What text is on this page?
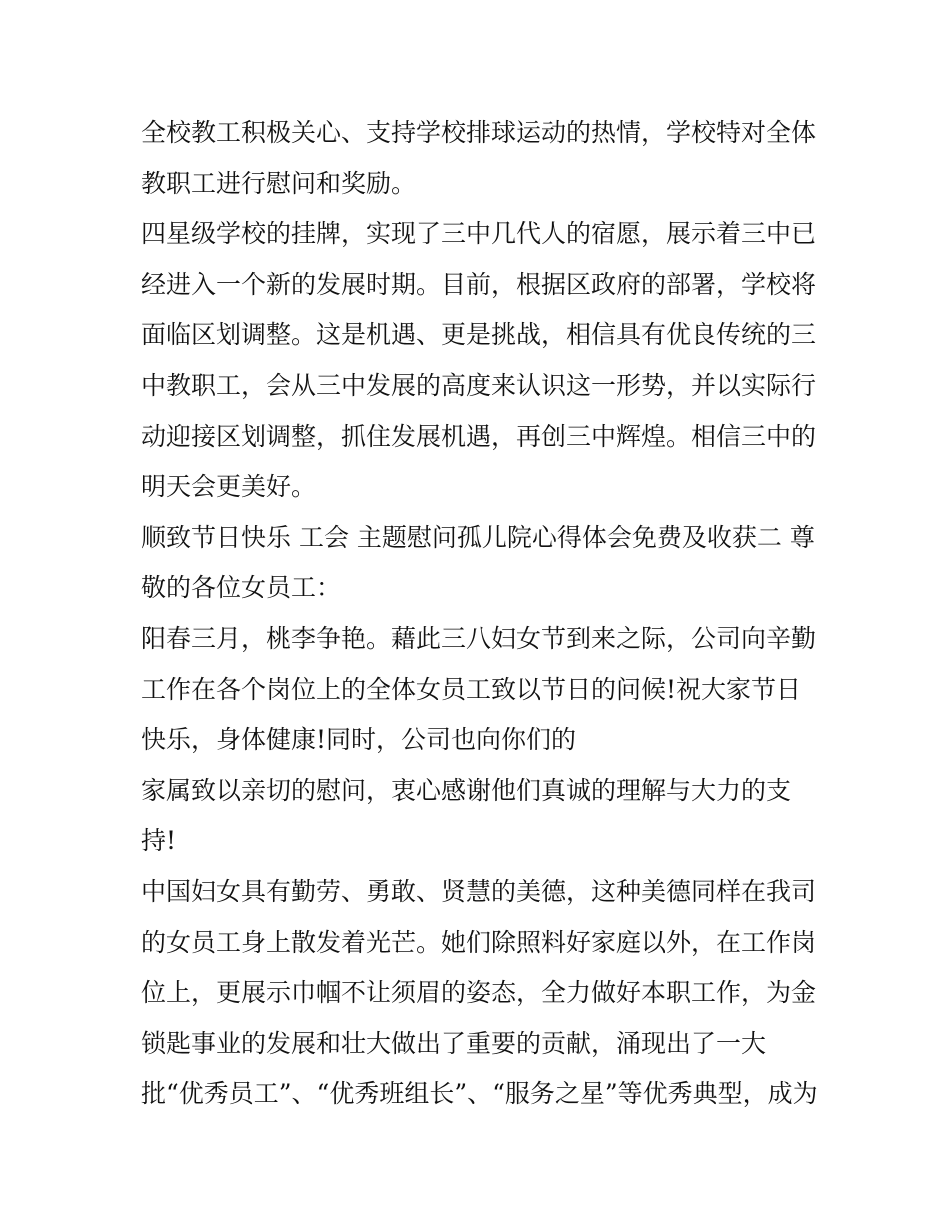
全校教工积极关心、支持学校排球运动的热情，学校特对全体
教职工进行慰问和奖励。
四星级学校的挂牌，实现了三中几代人的宿愿，展示着三中已
经进入一个新的发展时期。目前，根据区政府的部署，学校将
面临区划调整。这是机遇、更是挑战，相信具有优良传统的三
中教职工，会从三中发展的高度来认识这一形势，并以实际行
动迎接区划调整，抓住发展机遇，再创三中辉煌。相信三中的
明天会更美好。
顺致节日快乐 工会 主题慰问孤儿院心得体会免费及收获二 尊
敬的各位女员工：
阳春三月，桃李争艳。藉此三八妇女节到来之际，公司向辛勤
工作在各个岗位上的全体女员工致以节日的问候!祝大家节日
快乐，身体健康!同时，公司也向你们的
家属致以亲切的慰问，衷心感谢他们真诚的理解与大力的支
持!
中国妇女具有勤劳、勇敢、贤慧的美德，这种美德同样在我司
的女员工身上散发着光芒。她们除照料好家庭以外，在工作岗
位上，更展示巾帼不让须眉的姿态，全力做好本职工作，为金
锁匙事业的发展和壮大做出了重要的贡献，涌现出了一大
批“优秀员工”、“优秀班组长”、“服务之星”等优秀典型，成为
